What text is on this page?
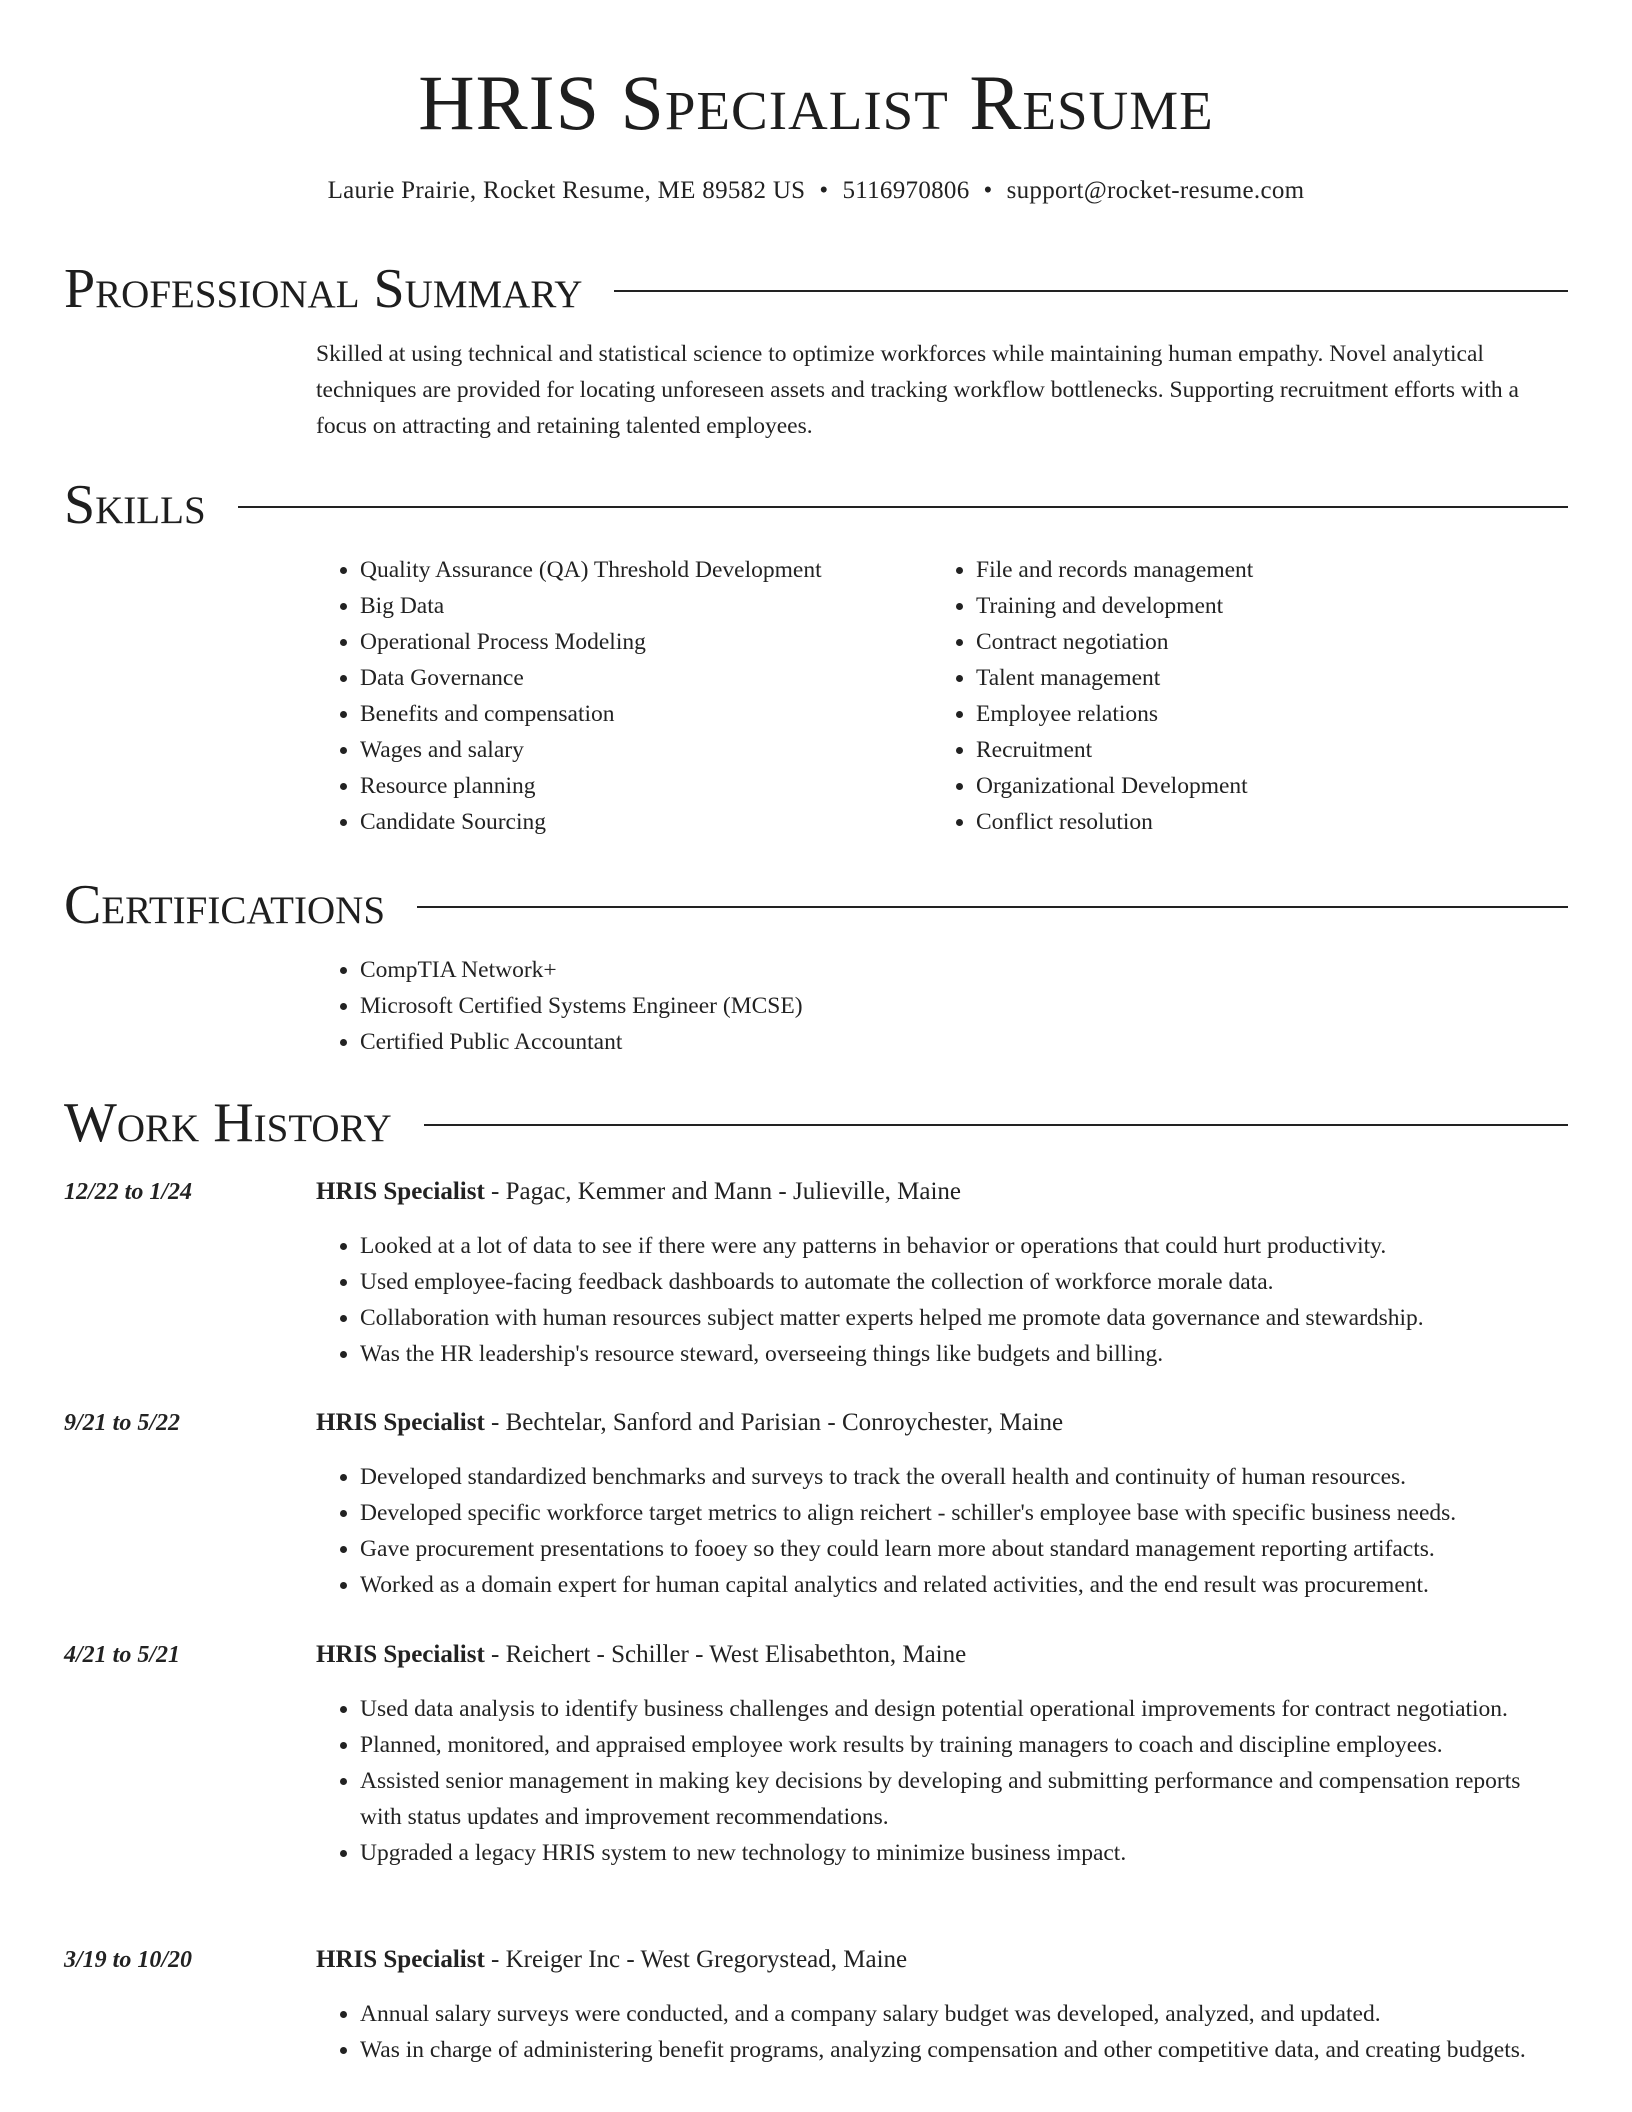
HRIS Specialist Resume
Laurie Prairie, Rocket Resume, ME 89582 US • 5116970806 • support@rocket-resume.com
Professional Summary
Skilled at using technical and statistical science to optimize workforces while maintaining human empathy. Novel analytical techniques are provided for locating unforeseen assets and tracking workflow bottlenecks. Supporting recruitment efforts with a focus on attracting and retaining talented employees.
Skills
• Quality Assurance (QA) Threshold Development
• Big Data
• Operational Process Modeling
• Data Governance
• Benefits and compensation
• Wages and salary
• Resource planning
• Candidate Sourcing
• File and records management
• Training and development
• Contract negotiation
• Talent management
• Employee relations
• Recruitment
• Organizational Development
• Conflict resolution
Certifications
• CompTIA Network+
• Microsoft Certified Systems Engineer (MCSE)
• Certified Public Accountant
Work History
12/22 to 1/24	HRIS Specialist - Pagac, Kemmer and Mann - Julieville, Maine
• Looked at a lot of data to see if there were any patterns in behavior or operations that could hurt productivity.
• Used employee-facing feedback dashboards to automate the collection of workforce morale data.
• Collaboration with human resources subject matter experts helped me promote data governance and stewardship.
• Was the HR leadership's resource steward, overseeing things like budgets and billing.
9/21 to 5/22	HRIS Specialist - Bechtelar, Sanford and Parisian - Conroychester, Maine
• Developed standardized benchmarks and surveys to track the overall health and continuity of human resources.
• Developed specific workforce target metrics to align reichert - schiller's employee base with specific business needs.
• Gave procurement presentations to fooey so they could learn more about standard management reporting artifacts.
• Worked as a domain expert for human capital analytics and related activities, and the end result was procurement.
4/21 to 5/21	HRIS Specialist - Reichert - Schiller - West Elisabethton, Maine
• Used data analysis to identify business challenges and design potential operational improvements for contract negotiation.
• Planned, monitored, and appraised employee work results by training managers to coach and discipline employees.
• Assisted senior management in making key decisions by developing and submitting performance and compensation reports with status updates and improvement recommendations.
• Upgraded a legacy HRIS system to new technology to minimize business impact.
3/19 to 10/20	HRIS Specialist - Kreiger Inc - West Gregorystead, Maine
• Annual salary surveys were conducted, and a company salary budget was developed, analyzed, and updated.
• Was in charge of administering benefit programs, analyzing compensation and other competitive data, and creating budgets.
